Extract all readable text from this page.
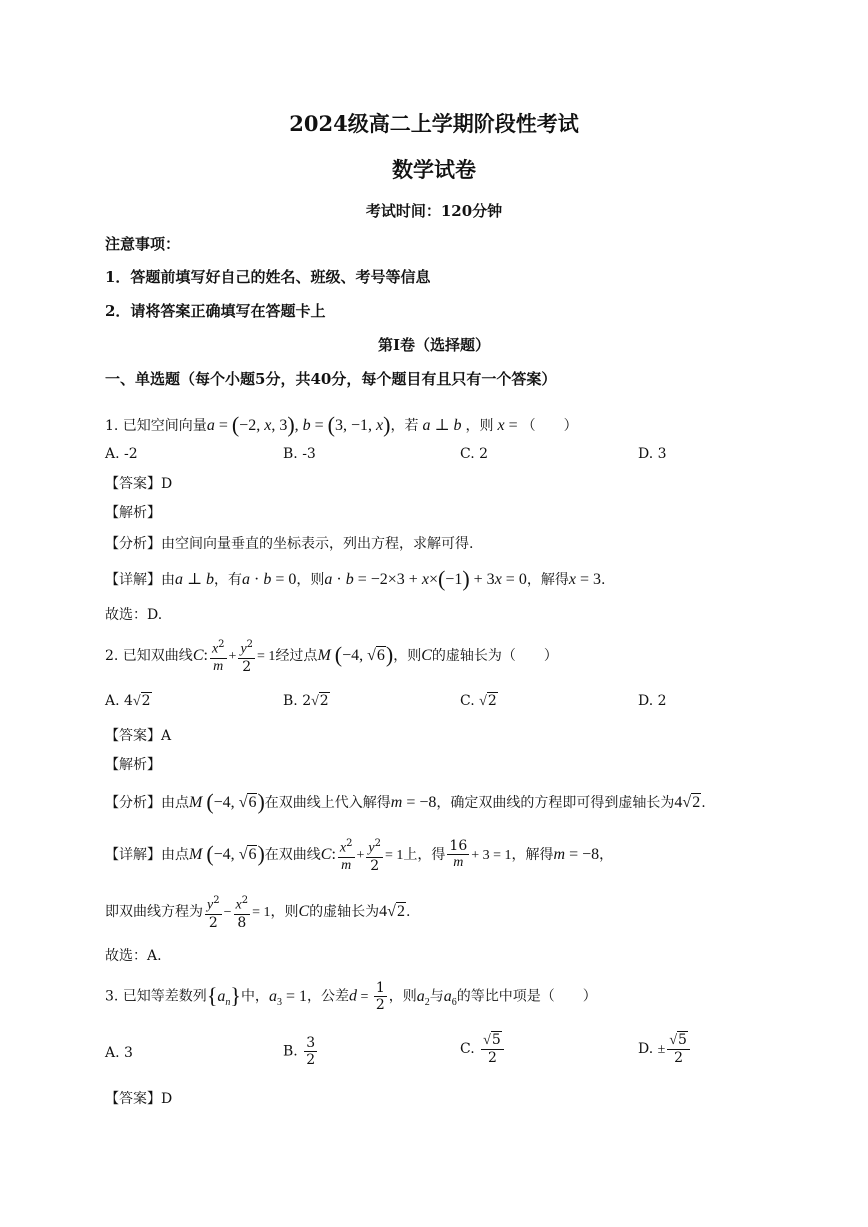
2024级高二上学期阶段性考试
数学试卷
考试时间：120分钟
注意事项：
1．答题前填写好自己的姓名、班级、考号等信息
2．请将答案正确填写在答题卡上
第Ⅰ卷（选择题）
一、单选题（每个小题5分，共40分，每个题目有且只有一个答案）
1. 已知空间向量a = (−2, x, 3), b = (3, −1, x)，若 a ⊥ b ，则 x = （　　）
A. -2	B. -3	C. 2	D. 3
【答案】D
【解析】
【分析】由空间向量垂直的坐标表示，列出方程，求解可得.
【详解】由a ⊥ b，有a · b = 0，则a · b = −2×3 + x×(−1) + 3x = 0，解得x = 3.
故选：D.
2. 已知双曲线C: $\frac{x^2}{m} + \frac{y^2}{2} = 1$经过点M (−4, √6)，则C的虚轴长为（　　）
A. 4√2	B. 2√2	C. √2	D. 2
【答案】A
【解析】
【分析】由点M (−4, √6)在双曲线上代入解得m = −8，确定双曲线的方程即可得到虚轴长为4√2.
【详解】由点M (−4, √6)在双曲线C: $\frac{x^2}{m} + \frac{y^2}{2} = 1$上，得 $\frac{16}{m} + 3 = 1$，解得m = −8，
即双曲线方程为 $\frac{y^2}{2} - \frac{x^2}{8} = 1$，则C的虚轴长为4√2.
故选：A.
3. 已知等差数列$\{a_n\}$中，$a_3 = 1$，公差$d = \frac{1}{2}$ ，则$a_2$与$a_6$的等比中项是（　　）
A. 3	B. $\frac{3}{2}$	C. $\frac{√5}{2}$	D. ± $\frac{√5}{2}$
【答案】D
